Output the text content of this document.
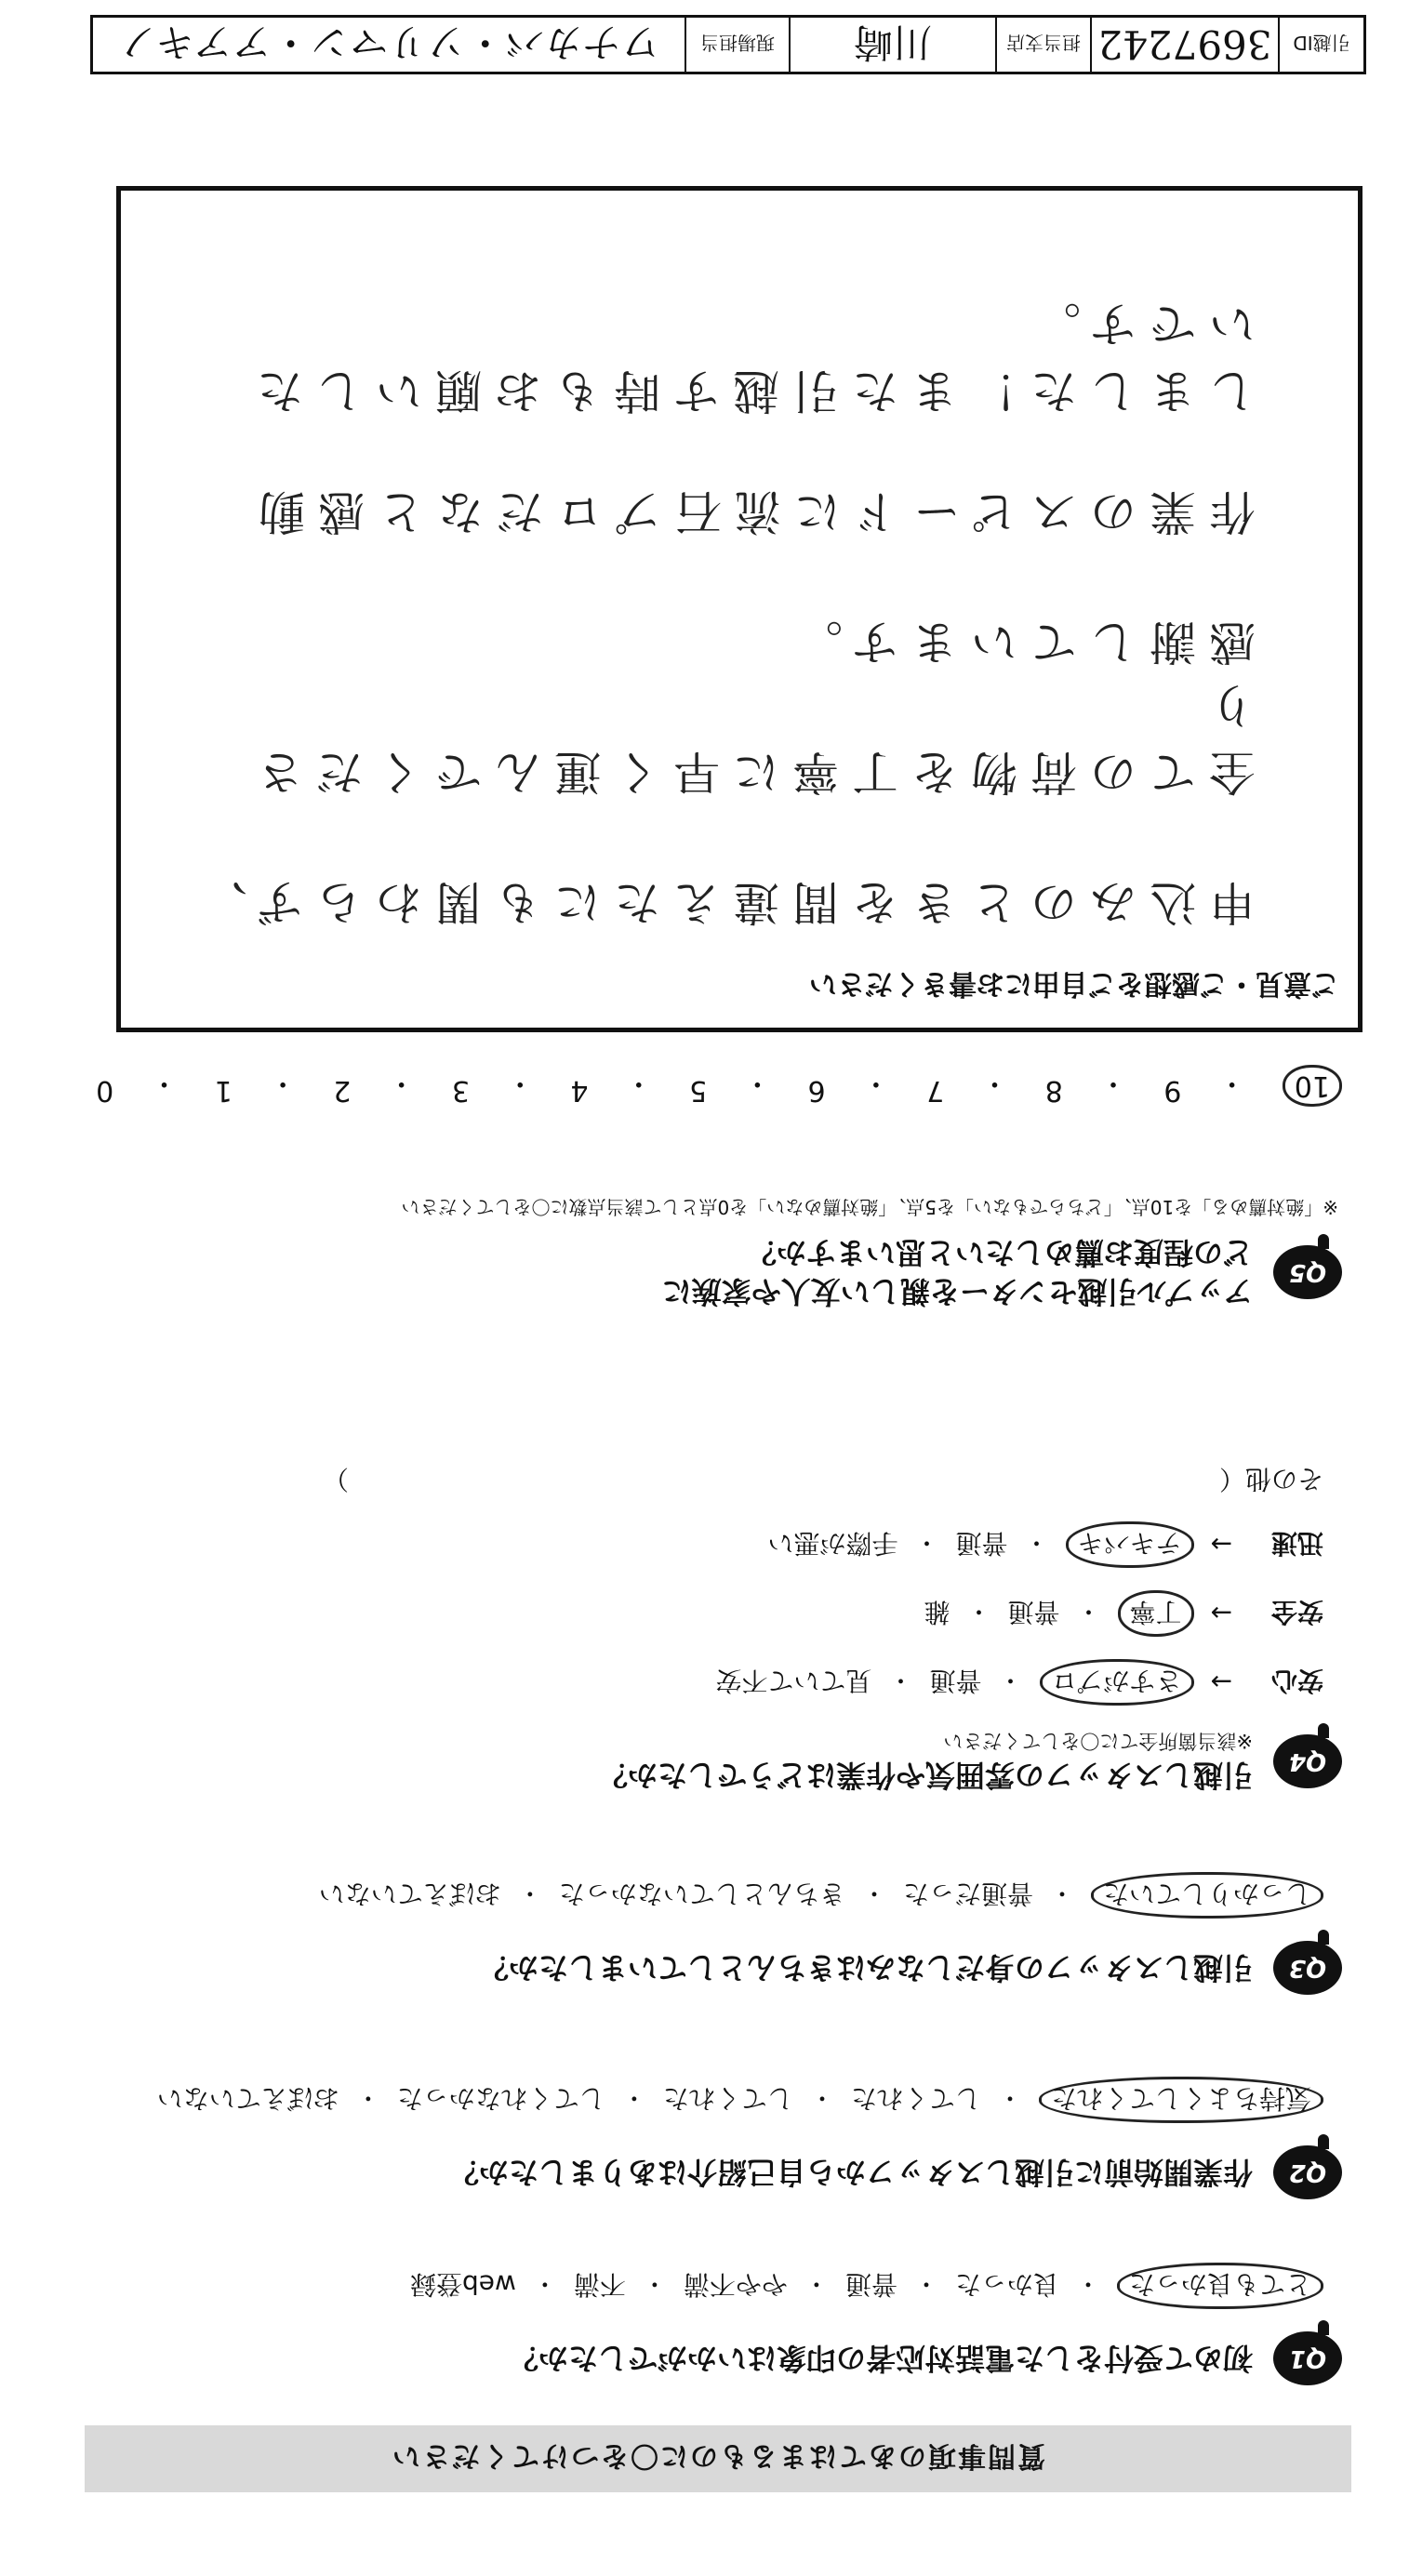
質問事項のあてはまるものに〇をつけてください
Q1
初めて受付をした電話対応者の印象はいかがでしたか？
とても良かった
・
良かった
・
普通
・
やや不満
・
不満
・
web登録
Q2
作業開始前に引越しスタッフから自己紹介はありましたか？
気持ちよくしてくれた
・
してくれた
・
してくれた
・
してくれなかった
・
おぼえていない
Q3
引越しスタッフの身だしなみはきちんとしていましたか？
しっかりしていた
・
普通だった
・
きちんとしていなかった
・
おぼえていない
Q4
引越しスタッフの雰囲気や作業はどうでしたか？
※該当箇所全てに〇をしてください
安心
→
さすがプロ
・
普通
・
見ていて不安
安全
→
丁寧
・
普通
・
雑
迅速
→
テキパキ
・
普通
・
手際が悪い
その他（
）
Q5
アップル引越センターを親しい友人や家族に
どの程度お薦めしたいと思いますか？
※「絶対薦める」を10点、「どちらでもない」を5点、「絶対薦めない」を0点として該当点数に〇をしてください
10
・
9
・
8
・
7
・
6
・
5
・
4
・
3
・
2
・
1
・
0
ご意見・ご感想をご自由にお書きください
申込みのときを間違えたにも関わらず、
全ての荷物を丁寧に早く運んでくださり
感謝しています。
作業のスピードに流石プロだなと感動
しました！また引越す時もお願いしたいです。
引越ID
3697242
担当支店
川崎
現場担当
ワナカバ・ソリマン・アアキノ
